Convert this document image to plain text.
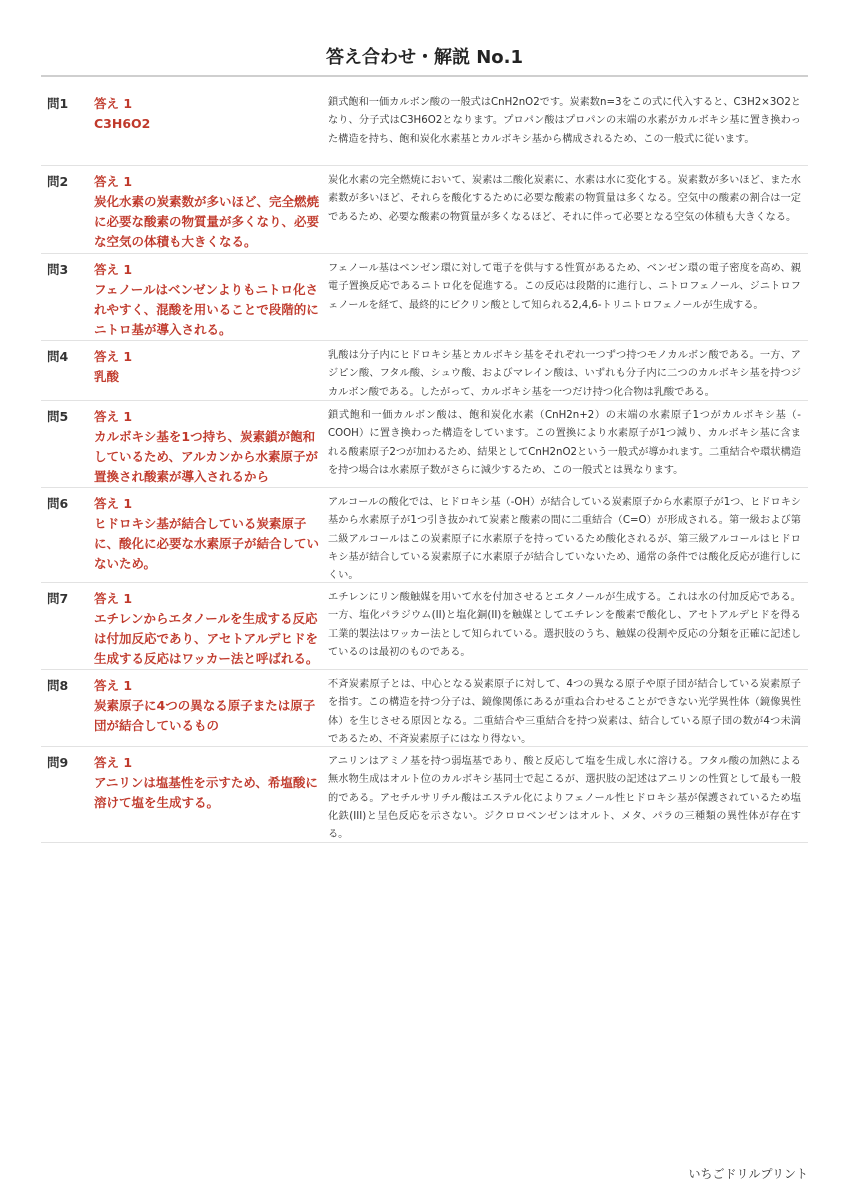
答え合わせ・解説 No.1
問1 答え 1
C3H6O2
鎖式飽和一価カルボン酸の一般式はCnH2nO2です。炭素数n=3をこの式に代入すると、C3H2×3O2となり、分子式はC3H6O2となります。プロパン酸はプロパンの末端の水素がカルボキシ基に置き換わった構造を持ち、飽和炭化水素基とカルボキシ基から構成されるため、この一般式に従います。
問2 答え 1
炭化水素の炭素数が多いほど、完全燃焼に必要な酸素の物質量が多くなり、必要な空気の体積も大きくなる。
炭化水素の完全燃焼において、炭素は二酸化炭素に、水素は水に変化する。炭素数が多いほど、また水素数が多いほど、それらを酸化するために必要な酸素の物質量は多くなる。空気中の酸素の割合は一定であるため、必要な酸素の物質量が多くなるほど、それに伴って必要となる空気の体積も大きくなる。
問3 答え 1
フェノールはベンゼンよりもニトロ化されやすく、混酸を用いることで段階的にニトロ基が導入される。
フェノール基はベンゼン環に対して電子を供与する性質があるため、ベンゼン環の電子密度を高め、親電子置換反応であるニトロ化を促進する。この反応は段階的に進行し、ニトロフェノール、ジニトロフェノールを経て、最終的にピクリン酸として知られる2,4,6-トリニトロフェノールが生成する。
問4 答え 1
乳酸
乳酸は分子内にヒドロキシ基とカルボキシ基をそれぞれ一つずつ持つモノカルボン酸である。一方、アジピン酸、フタル酸、シュウ酸、およびマレイン酸は、いずれも分子内に二つのカルボキシ基を持つジカルボン酸である。したがって、カルボキシ基を一つだけ持つ化合物は乳酸である。
問5 答え 1
カルボキシ基を1つ持ち、炭素鎖が飽和しているため、アルカンから水素原子が置換され酸素が導入されるから
鎖式飽和一価カルボン酸は、飽和炭化水素（CnH2n+2）の末端の水素原子1つがカルボキシ基（-COOH）に置き換わった構造をしています。この置換により水素原子が1つ減り、カルボキシ基に含まれる酸素原子2つが加わるため、結果としてCnH2nO2という一般式が導かれます。二重結合や環状構造を持つ場合は水素原子数がさらに減少するため、この一般式とは異なります。
問6 答え 1
ヒドロキシ基が結合している炭素原子に、酸化に必要な水素原子が結合していないため。
アルコールの酸化では、ヒドロキシ基（-OH）が結合している炭素原子から水素原子が1つ、ヒドロキシ基から水素原子が1つ引き抜かれて炭素と酸素の間に二重結合（C=O）が形成される。第一級および第二級アルコールはこの炭素原子に水素原子を持っているため酸化されるが、第三級アルコールはヒドロキシ基が結合している炭素原子に水素原子が結合していないため、通常の条件では酸化反応が進行しにくい。
問7 答え 1
エチレンからエタノールを生成する反応は付加反応であり、アセトアルデヒドを生成する反応はワッカー法と呼ばれる。
エチレンにリン酸触媒を用いて水を付加させるとエタノールが生成する。これは水の付加反応である。一方、塩化パラジウム(II)と塩化銅(II)を触媒としてエチレンを酸素で酸化し、アセトアルデヒドを得る工業的製法はワッカー法として知られている。選択肢のうち、触媒の役割や反応の分類を正確に記述しているのは最初のものである。
問8 答え 1
炭素原子に4つの異なる原子または原子団が結合しているもの
不斉炭素原子とは、中心となる炭素原子に対して、4つの異なる原子や原子団が結合している炭素原子を指す。この構造を持つ分子は、鏡像関係にあるが重ね合わせることができない光学異性体（鏡像異性体）を生じさせる原因となる。二重結合や三重結合を持つ炭素は、結合している原子団の数が4つ未満であるため、不斉炭素原子にはなり得ない。
問9 答え 1
アニリンは塩基性を示すため、希塩酸に溶けて塩を生成する。
アニリンはアミノ基を持つ弱塩基であり、酸と反応して塩を生成し水に溶ける。フタル酸の加熱による無水物生成はオルト位のカルボキシ基同士で起こるが、選択肢の記述はアニリンの性質として最も一般的である。アセチルサリチル酸はエステル化によりフェノール性ヒドロキシ基が保護されているため塩化鉄(III)と呈色反応を示さない。ジクロロベンゼンはオルト、メタ、パラの三種類の異性体が存在する。
いちごドリルプリント
